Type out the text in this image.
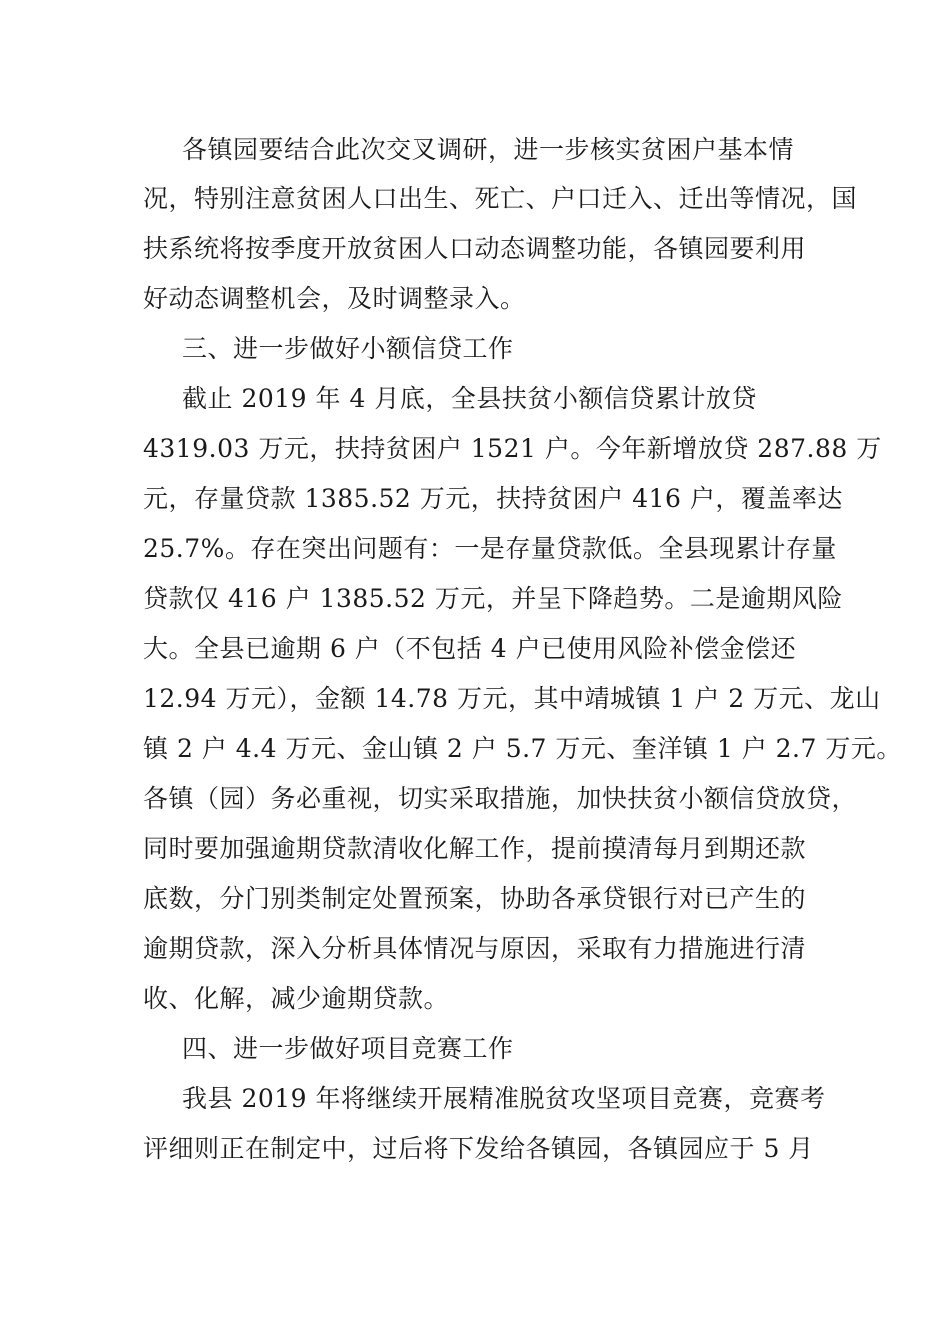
各镇园要结合此次交叉调研，进一步核实贫困户基本情
况，特别注意贫困人口出生、死亡、户口迁入、迁出等情况，国
扶系统将按季度开放贫困人口动态调整功能，各镇园要利用
好动态调整机会，及时调整录入。
三、进一步做好小额信贷工作
截止 2019 年 4 月底，全县扶贫小额信贷累计放贷
4319.03 万元，扶持贫困户 1521 户。今年新增放贷 287.88 万
元，存量贷款 1385.52 万元，扶持贫困户 416 户，覆盖率达
25.7%。存在突出问题有：一是存量贷款低。全县现累计存量
贷款仅 416 户 1385.52 万元，并呈下降趋势。二是逾期风险
大。全县已逾期 6 户（不包括 4 户已使用风险补偿金偿还
12.94 万元），金额 14.78 万元，其中靖城镇 1 户 2 万元、龙山
镇 2 户 4.4 万元、金山镇 2 户 5.7 万元、奎洋镇 1 户 2.7 万元。
各镇（园）务必重视，切实采取措施，加快扶贫小额信贷放贷，
同时要加强逾期贷款清收化解工作，提前摸清每月到期还款
底数，分门别类制定处置预案，协助各承贷银行对已产生的
逾期贷款，深入分析具体情况与原因，采取有力措施进行清
收、化解，减少逾期贷款。
四、进一步做好项目竞赛工作
我县 2019 年将继续开展精准脱贫攻坚项目竞赛，竞赛考
评细则正在制定中，过后将下发给各镇园，各镇园应于 5 月
